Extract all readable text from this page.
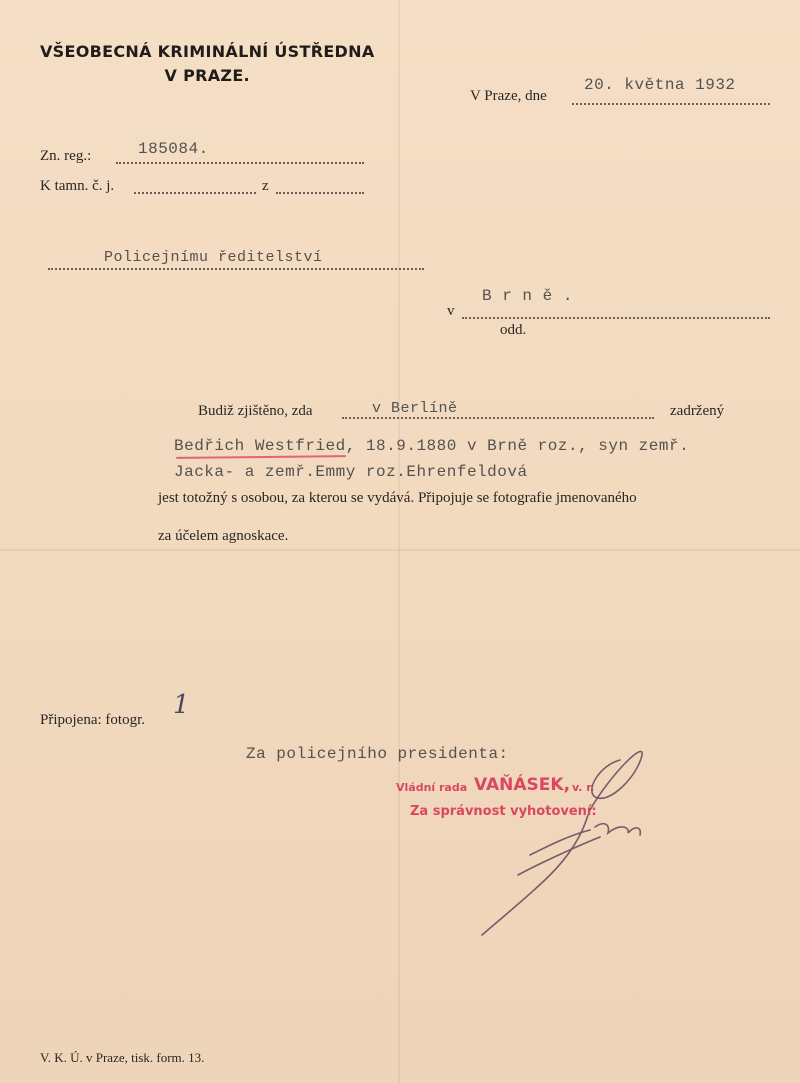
VŠEOBECNÁ KRIMINÁLNÍ ÚSTŘEDNA
V PRAZE.
V Praze, dne
20. května 1932
Zn. reg.:	185084.
K tamn. č. j.	z
Policejnímu ředitelství
B r n ě .
v
odd.
Budiž zjištěno, zda	v Berlíně	zadržený
Bedřich Westfried, 18.9.1880 v Brně roz., syn zemř.
Jacka- a zemř.Emmy roz.Ehrenfeldová
jest totožný s osobou, za kterou se vydává. Připojuje se fotografie jmenovaného
za účelem agnoskace.
Připojena: fotogr. 1
Za policejního presidenta:
Vládní rada VAŇÁSEK, v. r.
Za správnost vyhotovení:
V. K. Ú. v Praze, tisk. form. 13.
